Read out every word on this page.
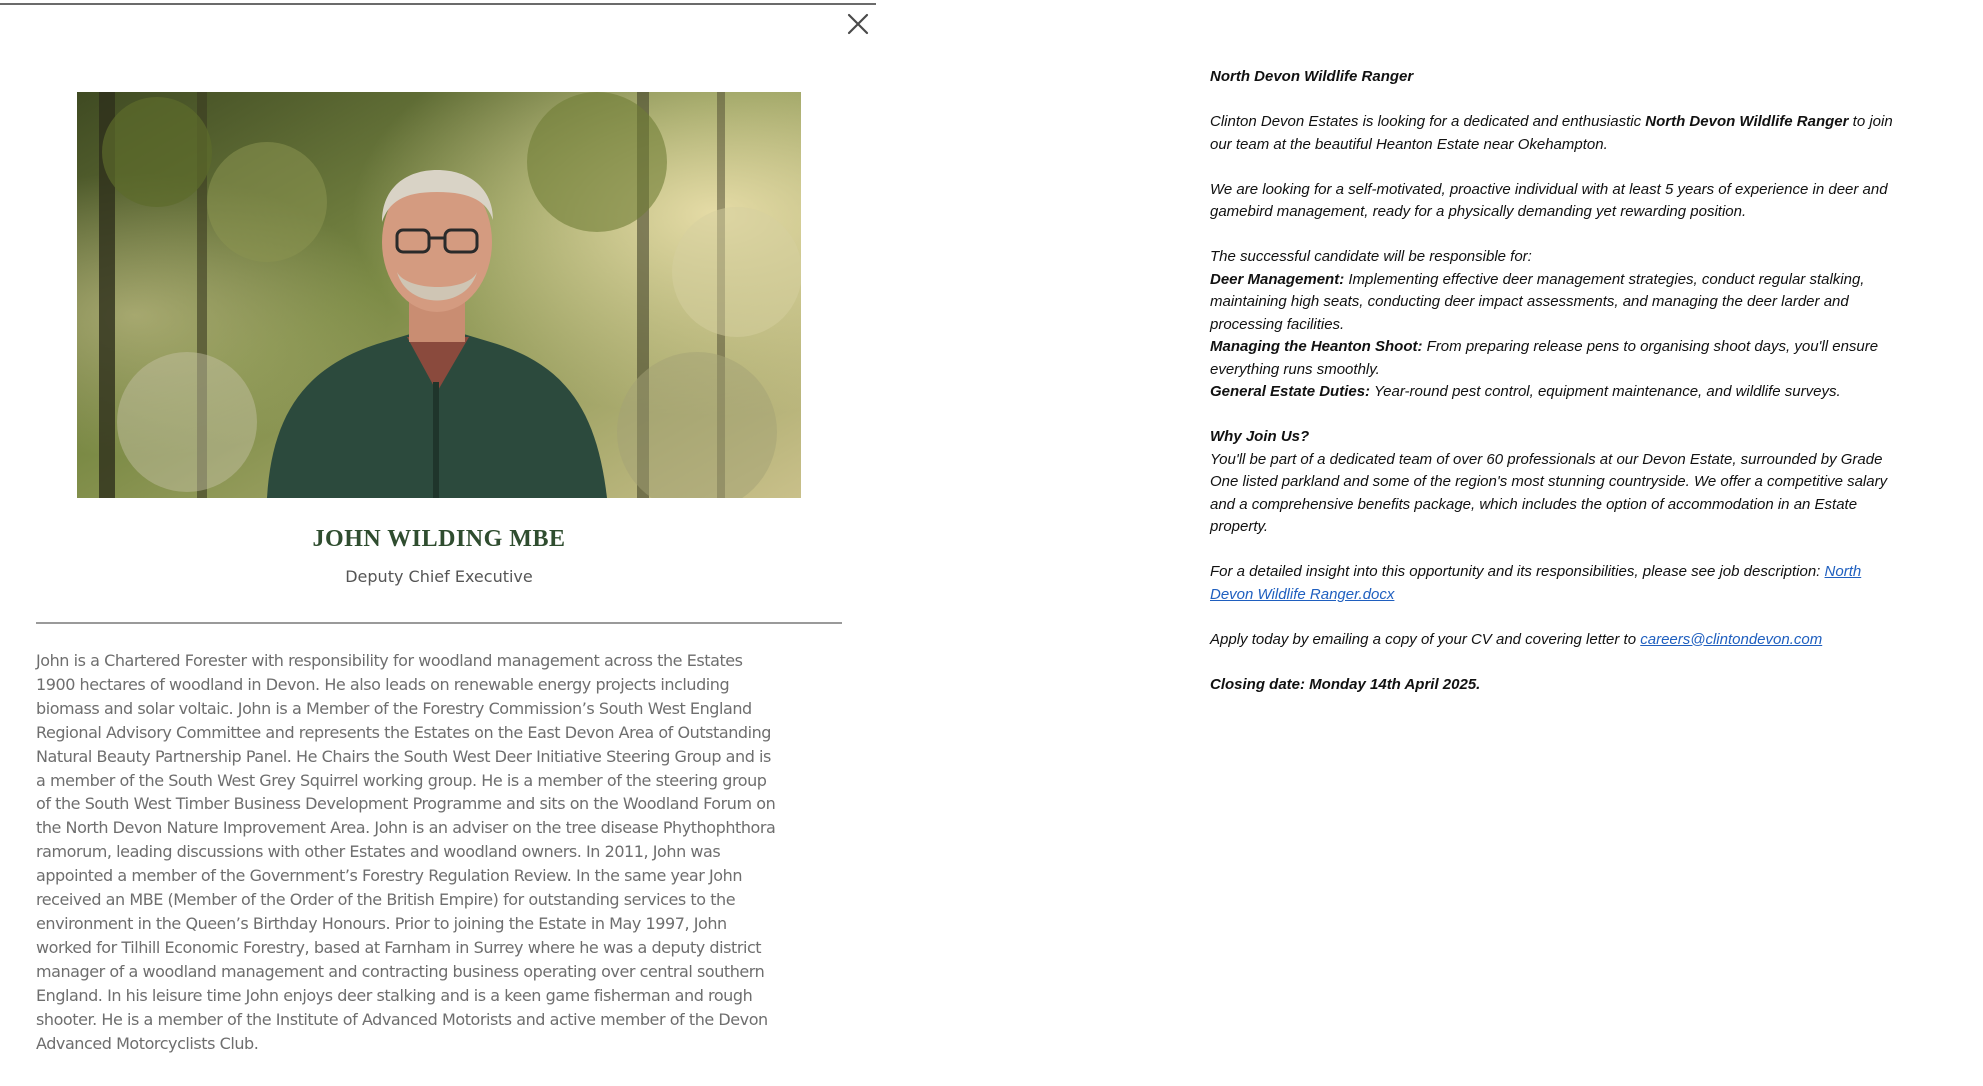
JOHN WILDING MBE
Deputy Chief Executive
John is a Chartered Forester with responsibility for woodland management across the Estates
1900 hectares of woodland in Devon. He also leads on renewable energy projects including
biomass and solar voltaic. John is a Member of the Forestry Commission’s South West England
Regional Advisory Committee and represents the Estates on the East Devon Area of Outstanding
Natural Beauty Partnership Panel. He Chairs the South West Deer Initiative Steering Group and is
a member of the South West Grey Squirrel working group. He is a member of the steering group
of the South West Timber Business Development Programme and sits on the Woodland Forum on
the North Devon Nature Improvement Area. John is an adviser on the tree disease Phythophthora
ramorum, leading discussions with other Estates and woodland owners. In 2011, John was
appointed a member of the Government’s Forestry Regulation Review. In the same year John
received an MBE (Member of the Order of the British Empire) for outstanding services to the
environment in the Queen’s Birthday Honours. Prior to joining the Estate in May 1997, John
worked for Tilhill Economic Forestry, based at Farnham in Surrey where he was a deputy district
manager of a woodland management and contracting business operating over central southern
England. In his leisure time John enjoys deer stalking and is a keen game fisherman and rough
shooter. He is a member of the Institute of Advanced Motorists and active member of the Devon
Advanced Motorcyclists Club.

North Devon Wildlife Ranger

Clinton Devon Estates is looking for a dedicated and enthusiastic North Devon Wildlife Ranger to join
our team at the beautiful Heanton Estate near Okehampton.

We are looking for a self-motivated, proactive individual with at least 5 years of experience in deer and
gamebird management, ready for a physically demanding yet rewarding position.

The successful candidate will be responsible for:
Deer Management: Implementing effective deer management strategies, conduct regular stalking,
maintaining high seats, conducting deer impact assessments, and managing the deer larder and
processing facilities.
Managing the Heanton Shoot: From preparing release pens to organising shoot days, you'll ensure
everything runs smoothly.
General Estate Duties: Year-round pest control, equipment maintenance, and wildlife surveys.

Why Join Us?
You'll be part of a dedicated team of over 60 professionals at our Devon Estate, surrounded by Grade
One listed parkland and some of the region's most stunning countryside. We offer a competitive salary
and a comprehensive benefits package, which includes the option of accommodation in an Estate
property.

For a detailed insight into this opportunity and its responsibilities, please see job description: North
Devon Wildlife Ranger.docx

Apply today by emailing a copy of your CV and covering letter to careers@clintondevon.com

Closing date: Monday 14th April 2025.
